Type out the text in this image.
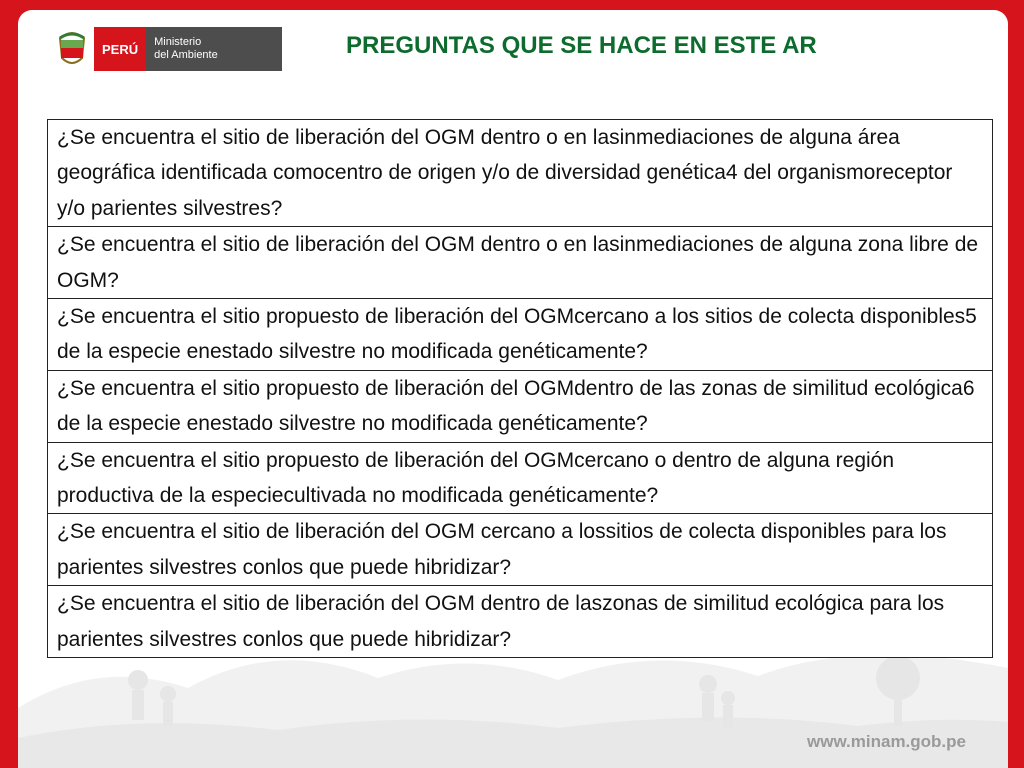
PERÚ	Ministerio
del Ambiente
www.minam.gob.pe
PREGUNTAS QUE SE HACE EN ESTE AR
¿Se encuentra el sitio de liberación del OGM dentro o en lasinmediaciones de alguna área geográfica identificada comocentro de origen y/o de diversidad genética4 del organismoreceptor y/o parientes silvestres?
¿Se encuentra el sitio de liberación del OGM dentro o en lasinmediaciones de alguna zona libre de OGM?
¿Se encuentra el sitio propuesto de liberación del OGMcercano a los sitios de colecta disponibles5 de la especie enestado silvestre no modificada genéticamente?
¿Se encuentra el sitio propuesto de liberación del OGMdentro de las zonas de similitud ecológica6 de la especie enestado silvestre no modificada genéticamente?
¿Se encuentra el sitio propuesto de liberación del OGMcercano o dentro de alguna región productiva de la especiecultivada no modificada genéticamente?
¿Se encuentra el sitio de liberación del OGM cercano a lossitios de colecta disponibles para los parientes silvestres conlos que puede hibridizar?
¿Se encuentra el sitio de liberación del OGM dentro de laszonas de similitud ecológica para los parientes silvestres conlos que puede hibridizar?
